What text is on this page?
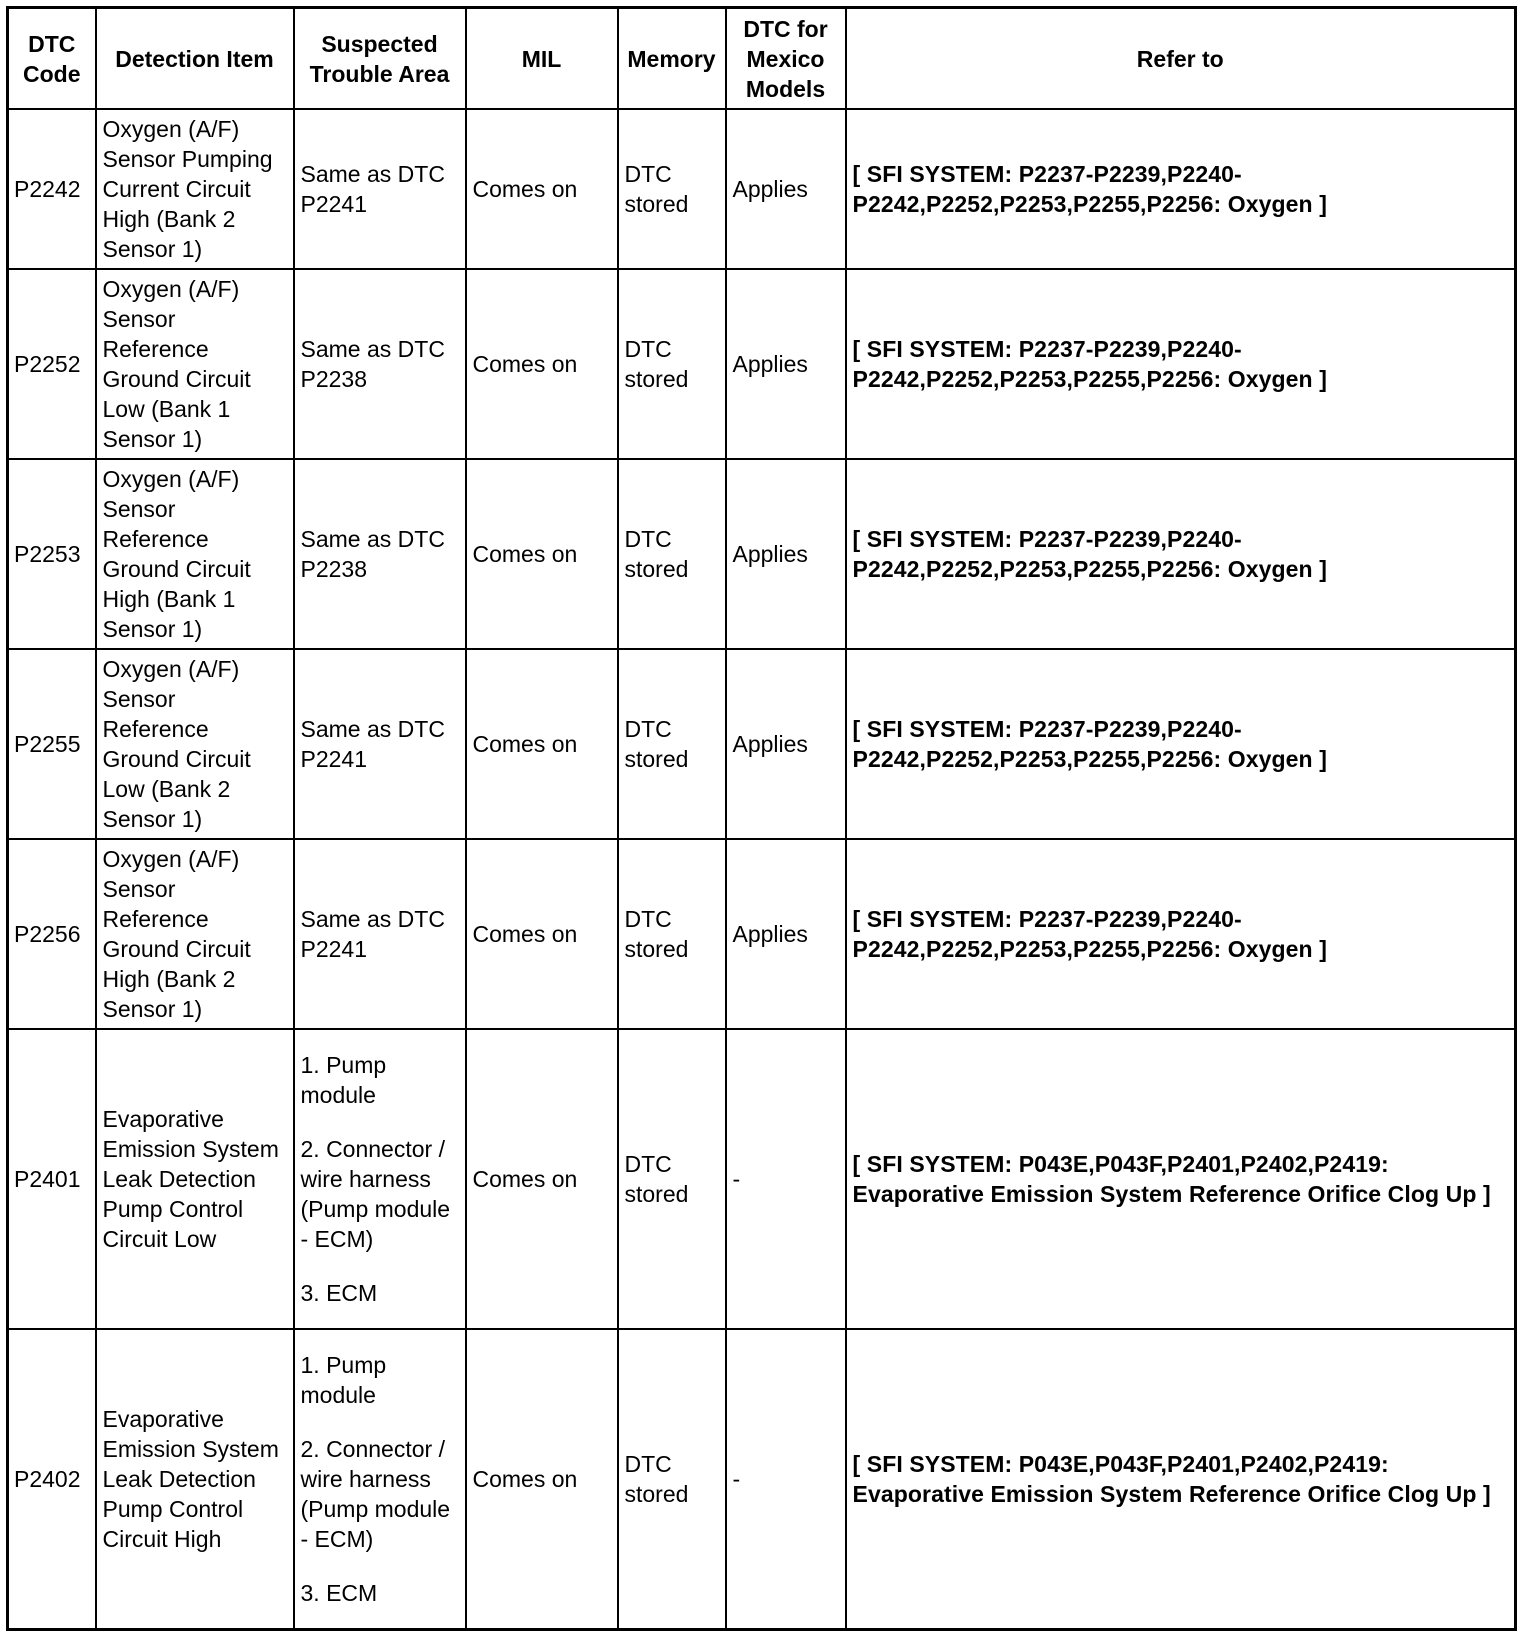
DTC Code	Detection Item	Suspected Trouble Area	MIL	Memory	DTC for Mexico Models	Refer to
P2242	Oxygen (A/F) Sensor Pumping Current Circuit High (Bank 2 Sensor 1)	Same as DTC P2241	Comes on	DTC stored	Applies	[ SFI SYSTEM: P2237-P2239,P2240-P2242,P2252,P2253,P2255,P2256: Oxygen ]
P2252	Oxygen (A/F) Sensor Reference Ground Circuit Low (Bank 1 Sensor 1)	Same as DTC P2238	Comes on	DTC stored	Applies	[ SFI SYSTEM: P2237-P2239,P2240-P2242,P2252,P2253,P2255,P2256: Oxygen ]
P2253	Oxygen (A/F) Sensor Reference Ground Circuit High (Bank 1 Sensor 1)	Same as DTC P2238	Comes on	DTC stored	Applies	[ SFI SYSTEM: P2237-P2239,P2240-P2242,P2252,P2253,P2255,P2256: Oxygen ]
P2255	Oxygen (A/F) Sensor Reference Ground Circuit Low (Bank 2 Sensor 1)	Same as DTC P2241	Comes on	DTC stored	Applies	[ SFI SYSTEM: P2237-P2239,P2240-P2242,P2252,P2253,P2255,P2256: Oxygen ]
P2256	Oxygen (A/F) Sensor Reference Ground Circuit High (Bank 2 Sensor 1)	Same as DTC P2241	Comes on	DTC stored	Applies	[ SFI SYSTEM: P2237-P2239,P2240-P2242,P2252,P2253,P2255,P2256: Oxygen ]
P2401	Evaporative Emission System Leak Detection Pump Control Circuit Low	1. Pump module
2. Connector / wire harness (Pump module - ECM)
3. ECM	Comes on	DTC stored	-	[ SFI SYSTEM: P043E,P043F,P2401,P2402,P2419: Evaporative Emission System Reference Orifice Clog Up ]
P2402	Evaporative Emission System Leak Detection Pump Control Circuit High	1. Pump module
2. Connector / wire harness (Pump module - ECM)
3. ECM	Comes on	DTC stored	-	[ SFI SYSTEM: P043E,P043F,P2401,P2402,P2419: Evaporative Emission System Reference Orifice Clog Up ]
